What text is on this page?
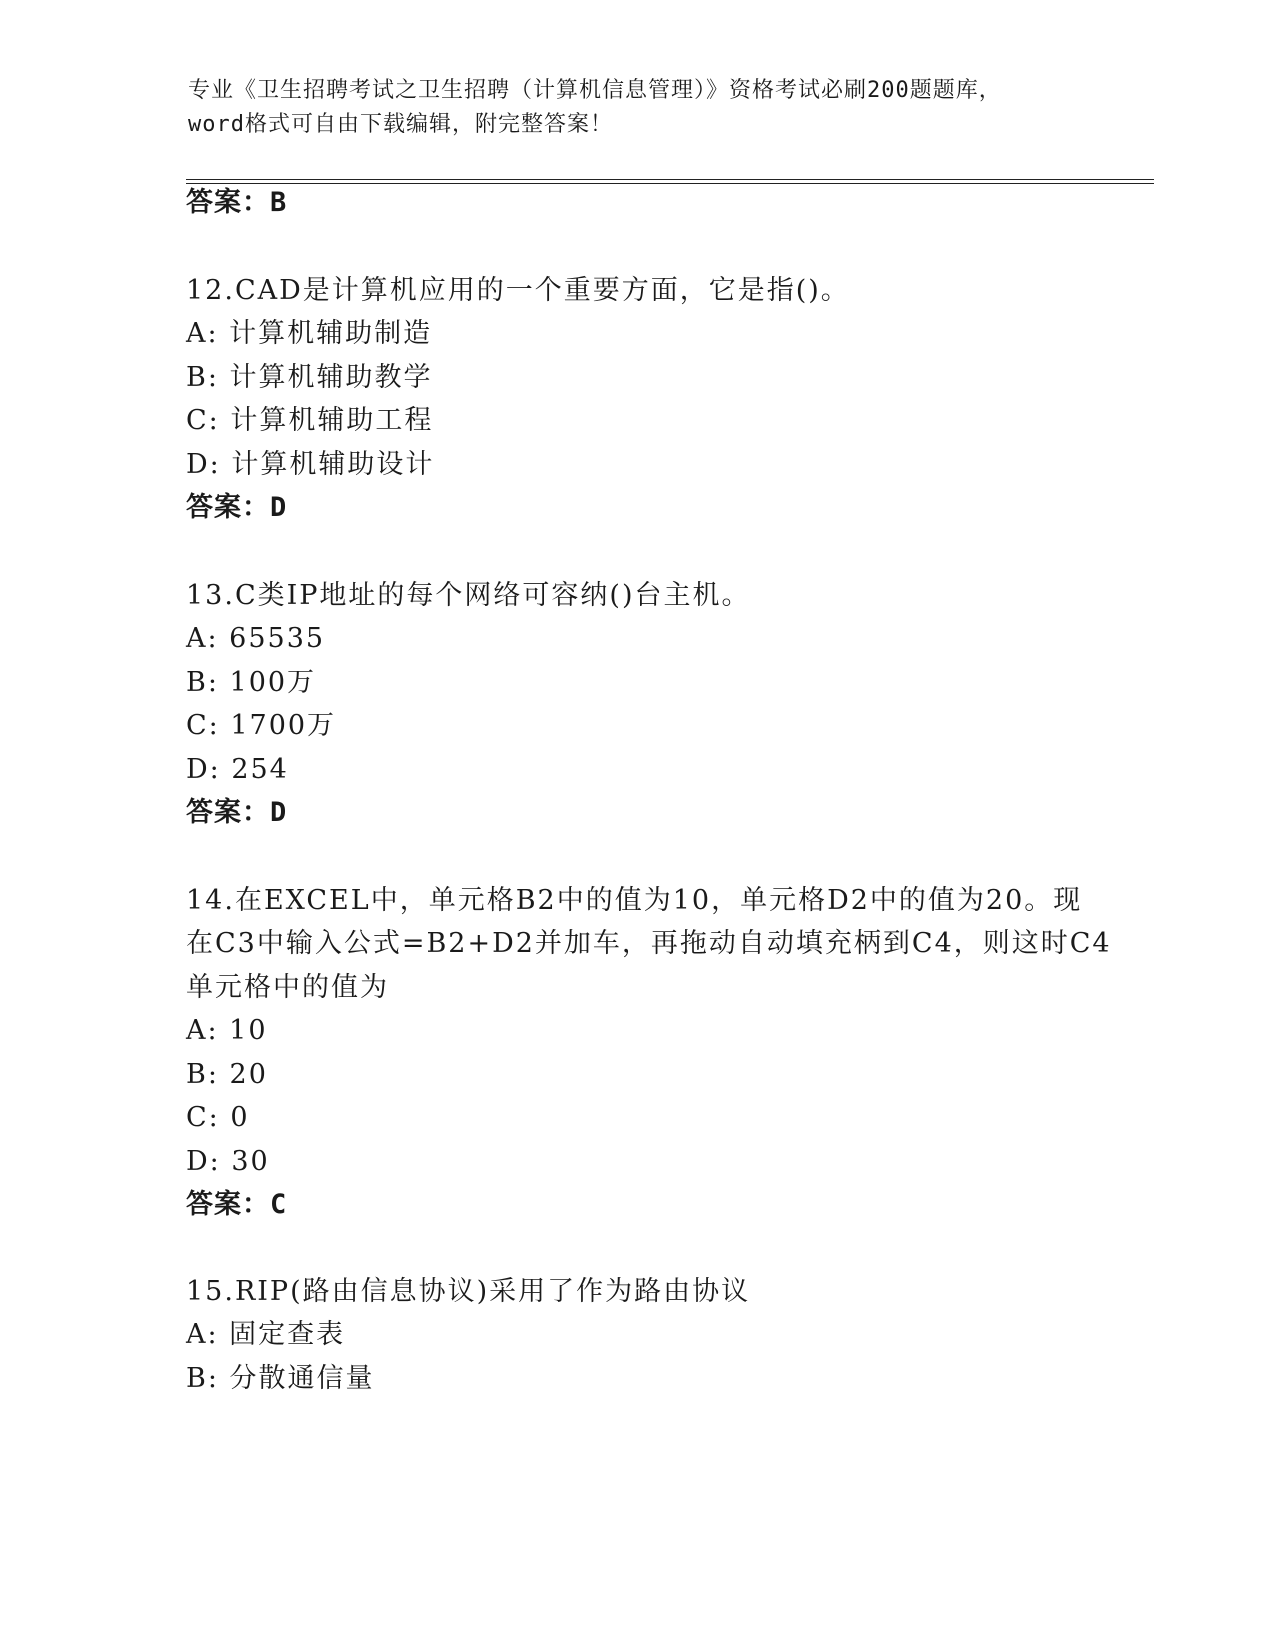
专业《卫生招聘考试之卫生招聘（计算机信息管理）》资格考试必刷200题题库，
word格式可自由下载编辑，附完整答案！
答案：B
12.CAD是计算机应用的一个重要方面，它是指()。
A: 计算机辅助制造
B: 计算机辅助教学
C: 计算机辅助工程
D: 计算机辅助设计
答案：D
13.C类IP地址的每个网络可容纳()台主机。
A: 65535
B: 100万
C: 1700万
D: 254
答案：D
14.在EXCEL中，单元格B2中的值为10，单元格D2中的值为20。现
在C3中输入公式=B2+D2并加车，再拖动自动填充柄到C4，则这时C4
单元格中的值为
A: 10
B: 20
C: 0
D: 30
答案：C
15.RIP(路由信息协议)采用了作为路由协议
A: 固定查表
B: 分散通信量
